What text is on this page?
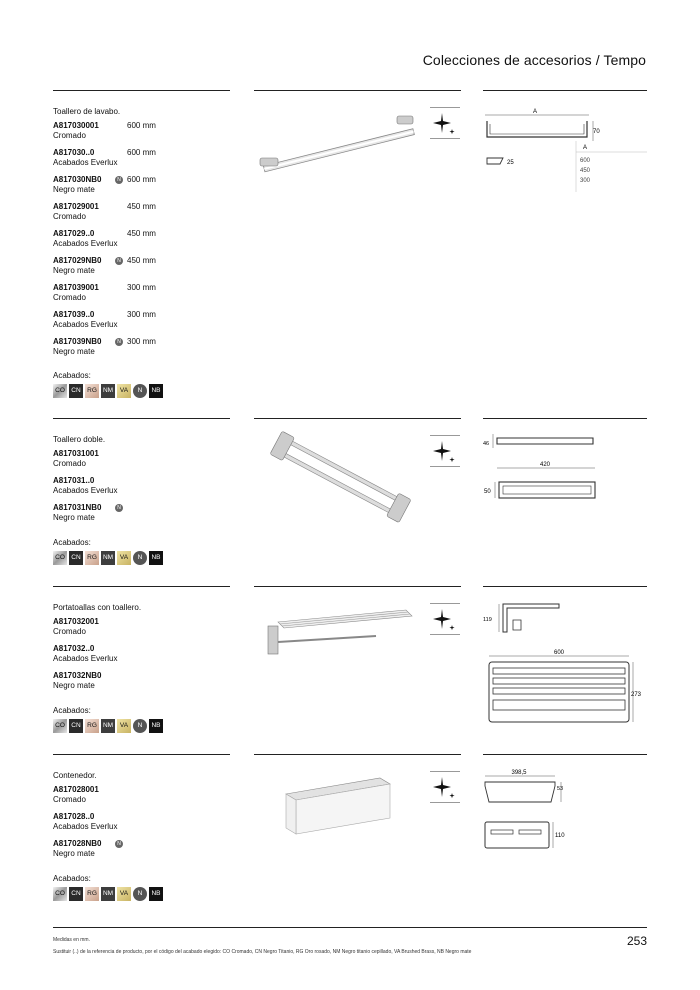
Colecciones de accesorios / Tempo
Toallero de lavabo.
A817030001	600 mm
Cromado
A817030..0	600 mm
Acabados Everlux
A817030NB0	N 600 mm
Negro mate
A817029001	450 mm
Cromado
A817029..0	450 mm
Acabados Everlux
A817029NB0	N 450 mm
Negro mate
A817039001	300 mm
Cromado
A817039..0	300 mm
Acabados Everlux
A817039NB0	N 300 mm
Negro mate
Acabados:
CO CN RG NM	VA	N	NB
A
70
25
A
600
450
300
Toallero doble.
A817031001
Cromado
A817031..0
Acabados Everlux
A817031NB0	N
Negro mate
Acabados:
CO CN RG NM	VA	N	NB
46
420
50
Portatoallas con toallero.
A817032001
Cromado
A817032..0
Acabados Everlux
A817032NB0
Negro mate
Acabados:
CO CN RG NM	VA	N	NB
119
600
273
Contenedor.
A817028001
Cromado
A817028..0
Acabados Everlux
A817028NB0	N
Negro mate
Acabados:
CO CN RG NM	VA	N	NB
398,5
53
110
Medidas en mm.
Sustituir (..) de la referencia de producto, por el código del acabado elegido: CO Cromado, CN Negro Titanio, RG Oro rosado, NM Negro titanio cepillado, VA Brushed Brass, NB Negro mate
253
